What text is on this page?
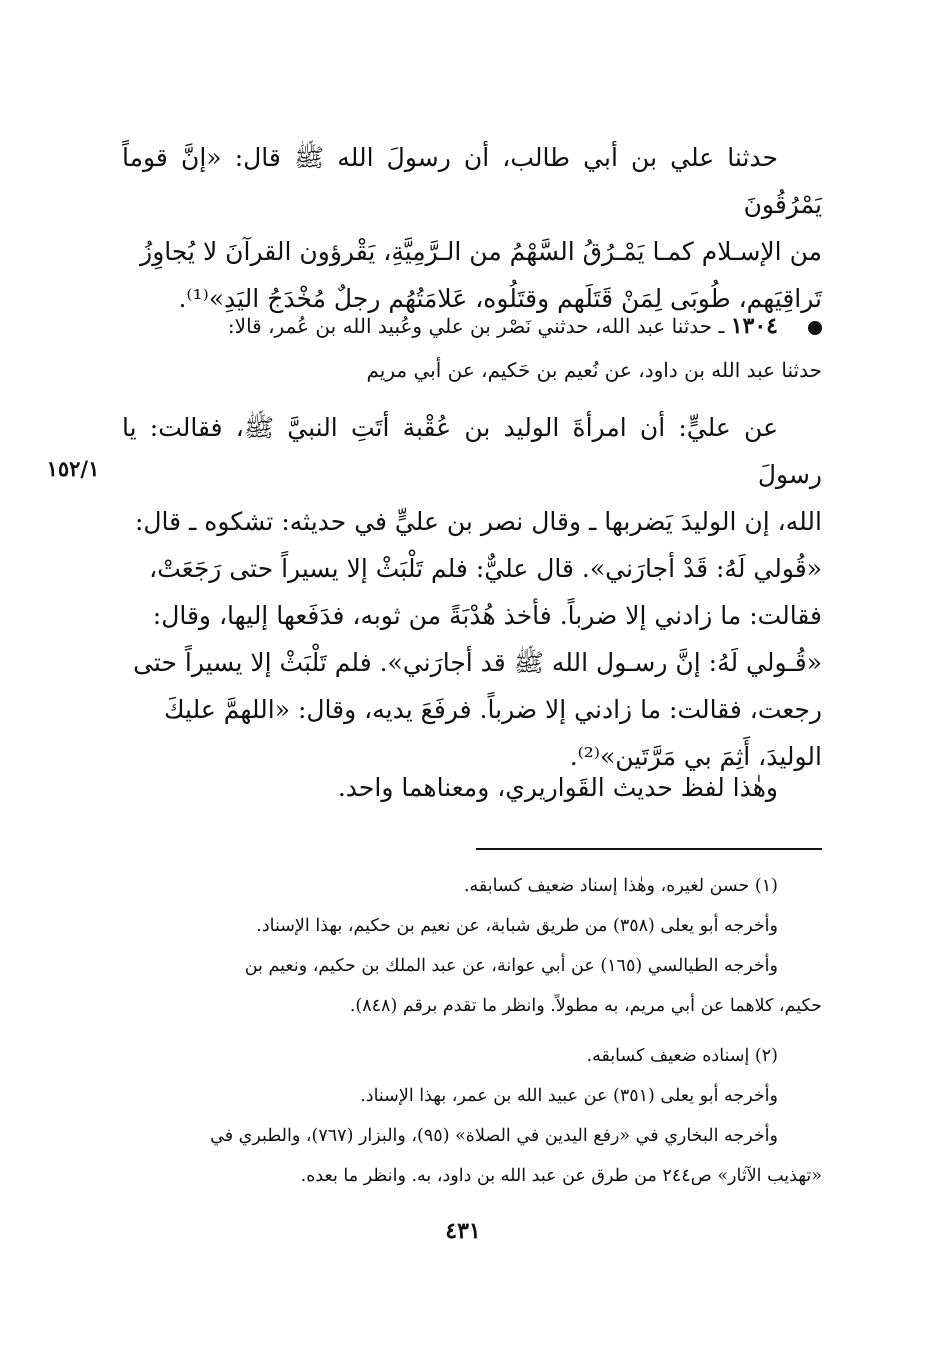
حدثنا علي بن أبي طالب، أن رسولَ الله ﷺ قال: «إنَّ قوماً يَمْرُقُونَ

من الإسـلام كمـا يَمْـرُقُ السَّهْمُ من الـرَّمِيَّةِ، يَقْرؤون القرآنَ لا يُجاوِزُ

تَراقِيَهم، طُوبَى لِمَنْ قَتَلَهم وقتَلُوه، عَلامَتُهُم رجلٌ مُخْدَجُ اليَدِ»⁽¹⁾.

١٣٠٤ ـ حدثنا عبد الله، حدثني نَصْر بن علي وعُبيد الله بن عُمر، قالا:

حدثنا عبد الله بن داود، عن نُعيم بن حَكيم، عن أبي مريم

عن عليٍّ: أن امرأةَ الوليد بن عُقْبة أتَتِ النبيَّ ﷺ، فقالت: يا رسولَ

الله، إن الوليدَ يَضربها ـ وقال نصر بن عليٍّ في حديثه: تشكوه ـ قال:

«قُولي لَهُ: قَدْ أجارَني». قال عليٌّ: فلم تَلْبَثْ إلا يسيراً حتى رَجَعَتْ،

فقالت: ما زادني إلا ضرباً. فأخذ هُدْبَةً من ثوبه، فدَفَعها إليها، وقال:

«قُـولي لَهُ: إنَّ رسـول الله ﷺ قد أجارَني». فلم تَلْبَثْ إلا يسيراً حتى

رجعت، فقالت: ما زادني إلا ضرباً. فرفَعَ يديه، وقال: «اللهمَّ عليكَ

الوليدَ، أَثِمَ بي مَرَّتَين»⁽²⁾.

١٥٢/١

وهٰذا لفظ حديث القَواريري، ومعناهما واحد.

(١) حسن لغيره، وهٰذا إسناد ضعيف كسابقه.

وأخرجه أبو يعلى (٣٥٨) من طريق شبابة، عن نعيم بن حكيم، بهذا الإسناد.

وأخرجه الطيالسي (١٦٥) عن أبي عوانة، عن عبد الملك بن حكيم، ونعيم بن

حكيم، كلاهما عن أبي مريم، به مطولاً. وانظر ما تقدم برقم (٨٤٨).

(٢) إسناده ضعيف كسابقه.

وأخرجه أبو يعلى (٣٥١) عن عبيد الله بن عمر، بهذا الإسناد.

وأخرجه البخاري في «رفع اليدين في الصلاة» (٩٥)، والبزار (٧٦٧)، والطبري في

«تهذيب الآثار» ص٢٤٤ من طرق عن عبد الله بن داود، به. وانظر ما بعده.

٤٣١
